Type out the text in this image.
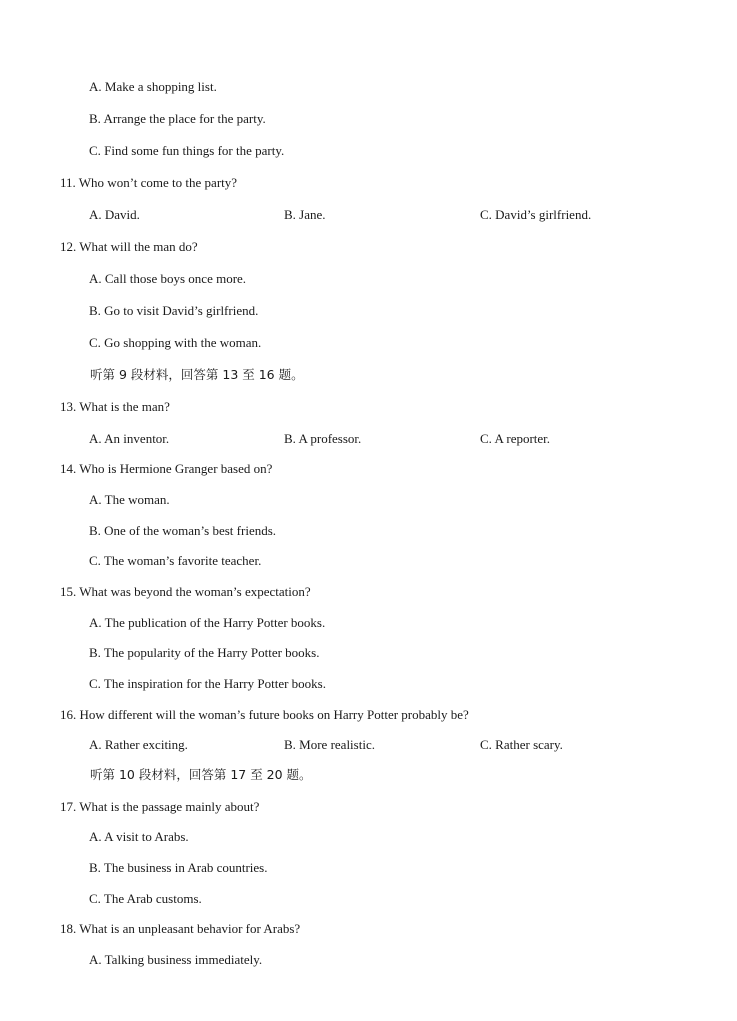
A. Make a shopping list.
B. Arrange the place for the party.
C. Find some fun things for the party.
11. Who won’t come to the party?
A. David.	B. Jane.	C. David’s girlfriend.
12. What will the man do?
A. Call those boys once more.
B. Go to visit David’s girlfriend.
C. Go shopping with the woman.
听第 9 段材料，回答第 13 至 16 题。
13. What is the man?
A. An inventor.	B. A professor.	C. A reporter.
14. Who is Hermione Granger based on?
A. The woman.
B. One of the woman’s best friends.
C. The woman’s favorite teacher.
15. What was beyond the woman’s expectation?
A. The publication of the Harry Potter books.
B. The popularity of the Harry Potter books.
C. The inspiration for the Harry Potter books.
16. How different will the woman’s future books on Harry Potter probably be?
A. Rather exciting.	B. More realistic.	C. Rather scary.
听第 10 段材料，回答第 17 至 20 题。
17. What is the passage mainly about?
A. A visit to Arabs.
B. The business in Arab countries.
C. The Arab customs.
18. What is an unpleasant behavior for Arabs?
A. Talking business immediately.
